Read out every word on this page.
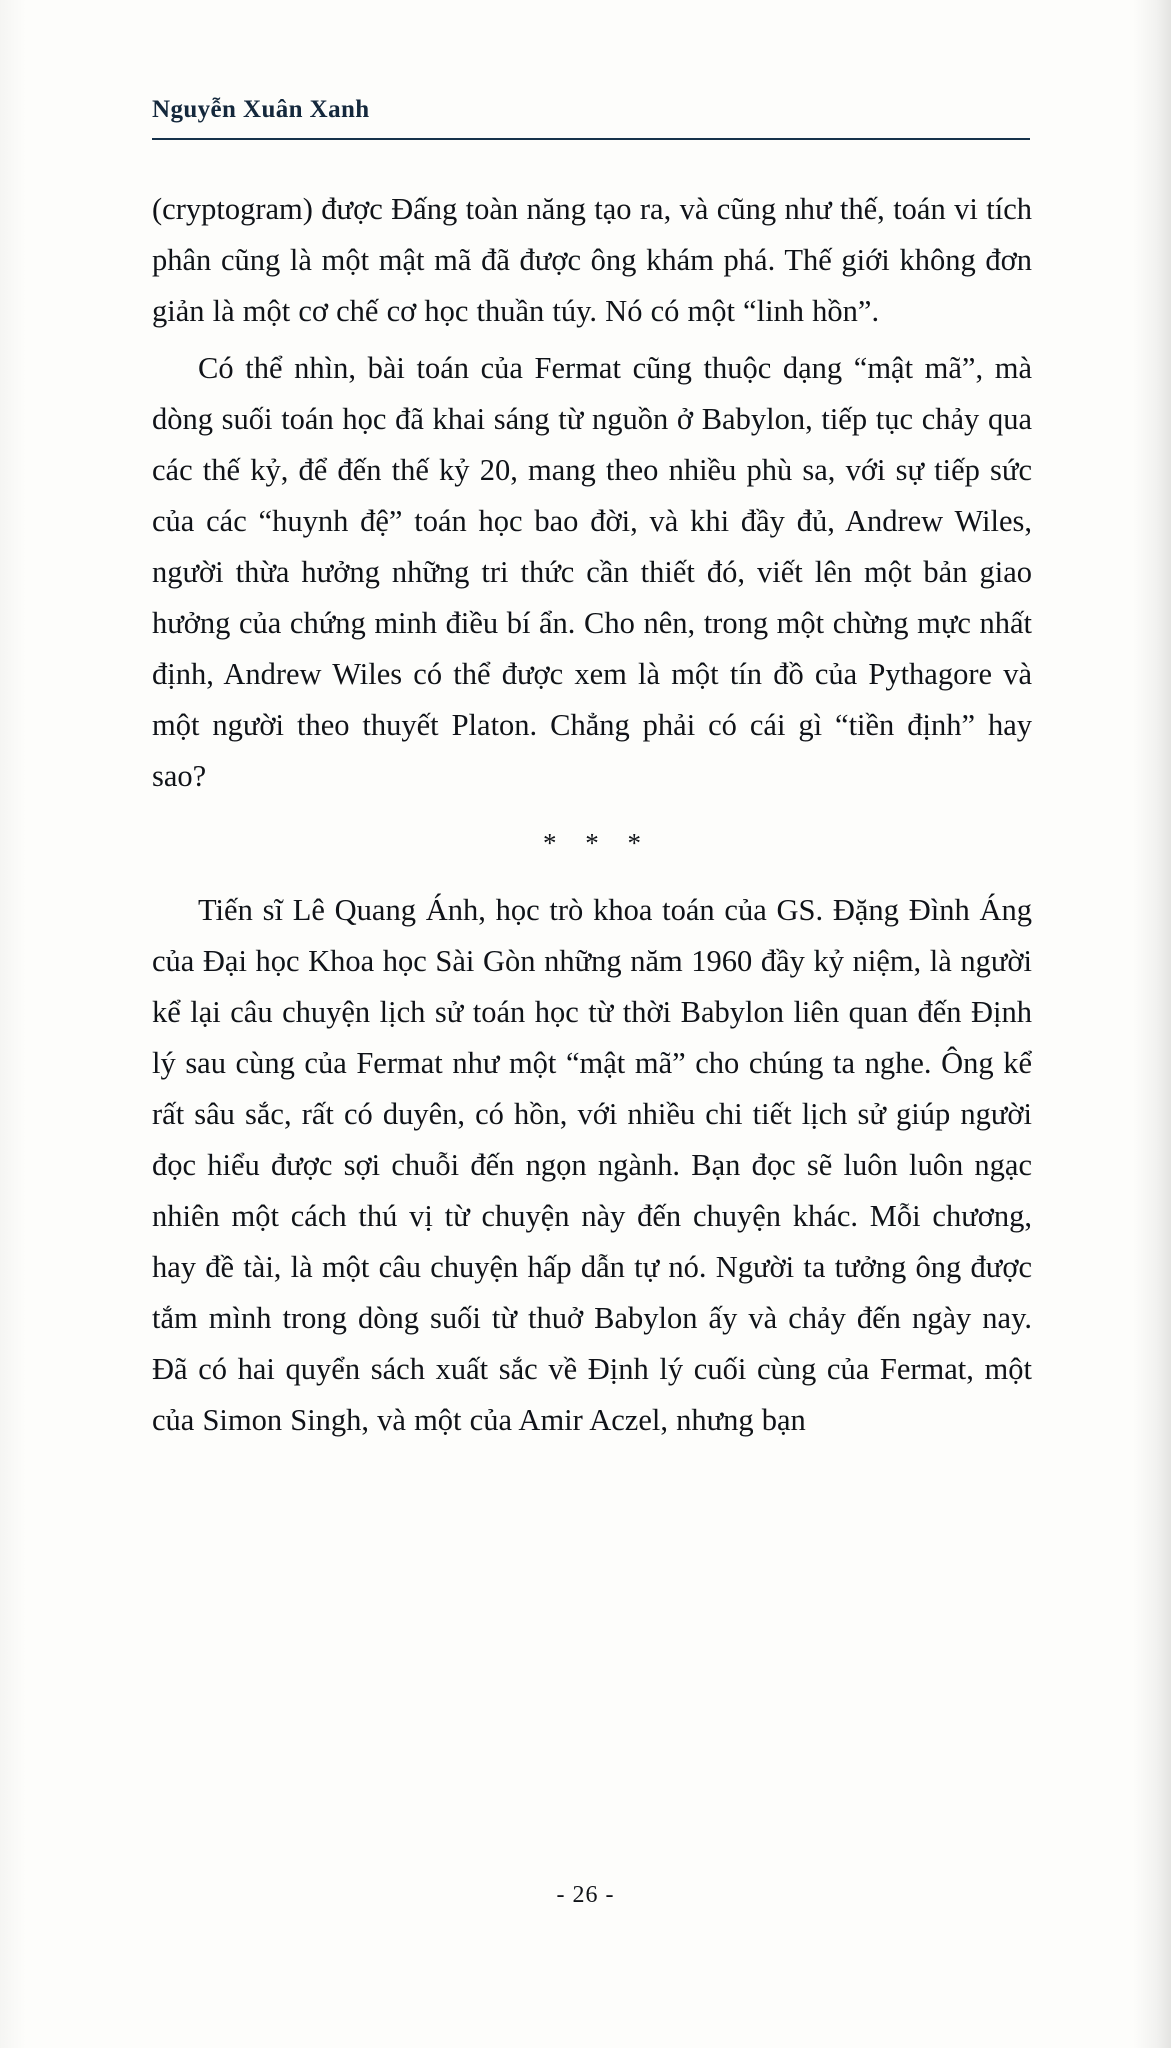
Nguyễn Xuân Xanh

(cryptogram) được Đấng toàn năng tạo ra, và cũng như thế, toán vi tích phân cũng là một mật mã đã được ông khám phá. Thế giới không đơn giản là một cơ chế cơ học thuần túy. Nó có một “linh hồn”.

Có thể nhìn, bài toán của Fermat cũng thuộc dạng “mật mã”, mà dòng suối toán học đã khai sáng từ nguồn ở Babylon, tiếp tục chảy qua các thế kỷ, để đến thế kỷ 20, mang theo nhiều phù sa, với sự tiếp sức của các “huynh đệ” toán học bao đời, và khi đầy đủ, Andrew Wiles, người thừa hưởng những tri thức cần thiết đó, viết lên một bản giao hưởng của chứng minh điều bí ẩn. Cho nên, trong một chừng mực nhất định, Andrew Wiles có thể được xem là một tín đồ của Pythagore và một người theo thuyết Platon. Chẳng phải có cái gì “tiền định” hay sao?

* * *

Tiến sĩ Lê Quang Ánh, học trò khoa toán của GS. Đặng Đình Áng của Đại học Khoa học Sài Gòn những năm 1960 đầy kỷ niệm, là người kể lại câu chuyện lịch sử toán học từ thời Babylon liên quan đến Định lý sau cùng của Fermat như một “mật mã” cho chúng ta nghe. Ông kể rất sâu sắc, rất có duyên, có hồn, với nhiều chi tiết lịch sử giúp người đọc hiểu được sợi chuỗi đến ngọn ngành. Bạn đọc sẽ luôn luôn ngạc nhiên một cách thú vị từ chuyện này đến chuyện khác. Mỗi chương, hay đề tài, là một câu chuyện hấp dẫn tự nó. Người ta tưởng ông được tắm mình trong dòng suối từ thuở Babylon ấy và chảy đến ngày nay. Đã có hai quyển sách xuất sắc về Định lý cuối cùng của Fermat, một của Simon Singh, và một của Amir Aczel, nhưng bạn

- 26 -
